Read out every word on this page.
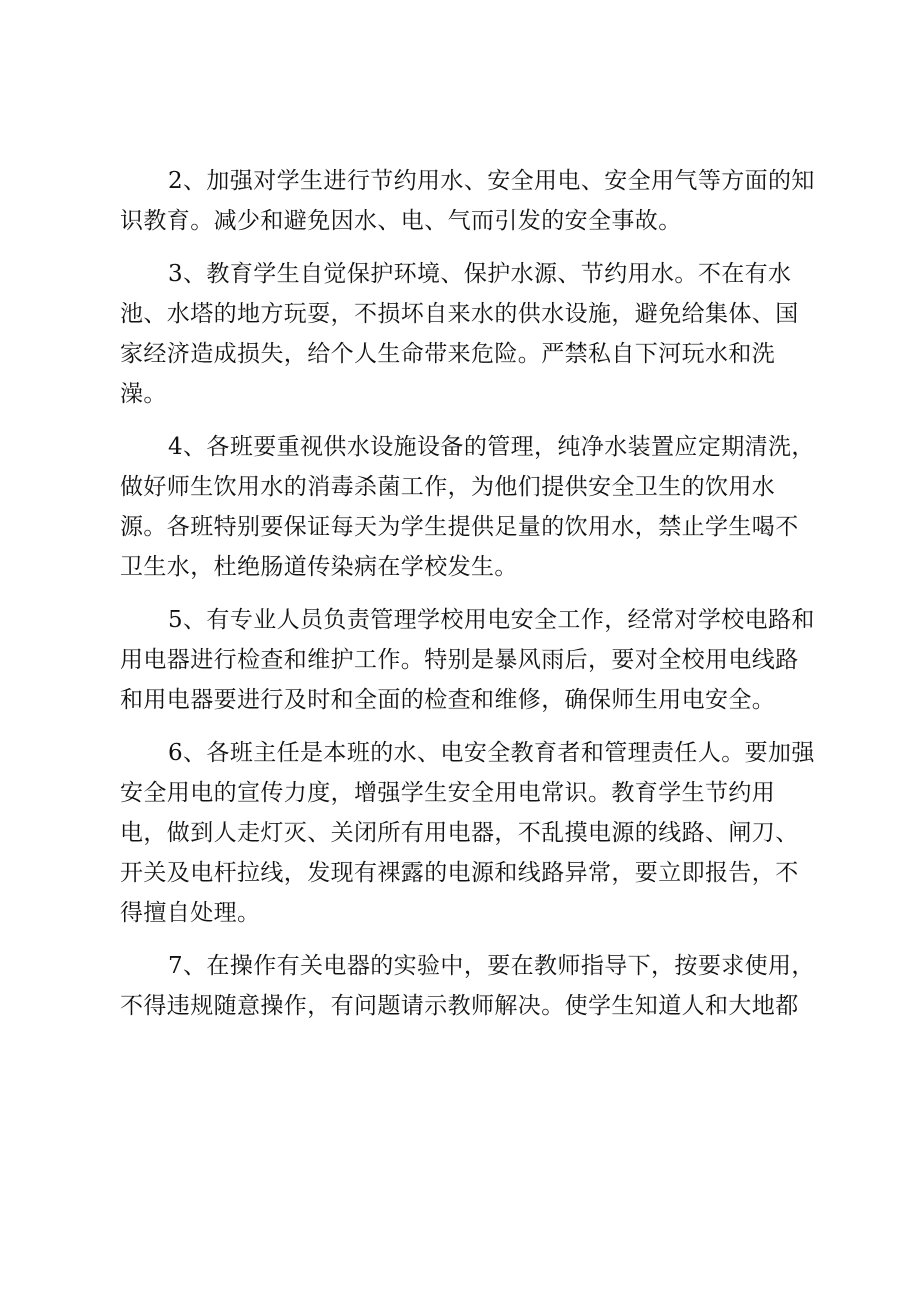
2、加强对学生进行节约用水、安全用电、安全用气等方面的知
识教育。减少和避免因水、电、气而引发的安全事故。
3、教育学生自觉保护环境、保护水源、节约用水。不在有水
池、水塔的地方玩耍，不损坏自来水的供水设施，避免给集体、国
家经济造成损失，给个人生命带来危险。严禁私自下河玩水和洗
澡。
4、各班要重视供水设施设备的管理，纯净水装置应定期清洗，
做好师生饮用水的消毒杀菌工作，为他们提供安全卫生的饮用水
源。各班特别要保证每天为学生提供足量的饮用水，禁止学生喝不
卫生水，杜绝肠道传染病在学校发生。
5、有专业人员负责管理学校用电安全工作，经常对学校电路和
用电器进行检查和维护工作。特别是暴风雨后，要对全校用电线路
和用电器要进行及时和全面的检查和维修，确保师生用电安全。
6、各班主任是本班的水、电安全教育者和管理责任人。要加强
安全用电的宣传力度，增强学生安全用电常识。教育学生节约用
电，做到人走灯灭、关闭所有用电器，不乱摸电源的线路、闸刀、
开关及电杆拉线，发现有裸露的电源和线路异常，要立即报告，不
得擅自处理。
7、在操作有关电器的实验中，要在教师指导下，按要求使用，
不得违规随意操作，有问题请示教师解决。使学生知道人和大地都
